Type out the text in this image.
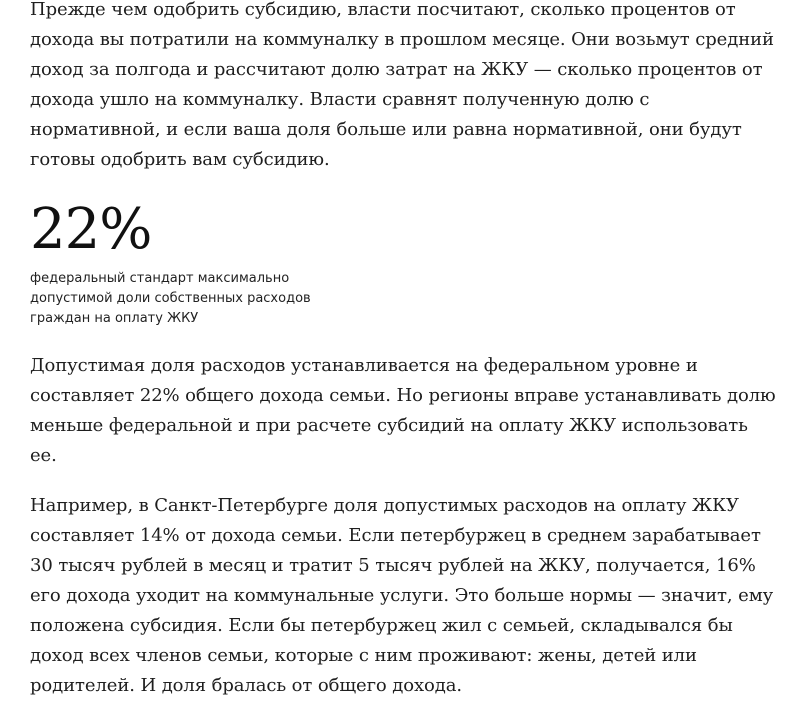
Прежде чем одобрить субсидию, власти посчитают, сколько процентов от дохода вы потратили на коммуналку в прошлом месяце. Они возьмут средний доход за полгода и рассчитают долю затрат на ЖКУ — сколько процентов от дохода ушло на коммуналку. Власти сравнят полученную долю с нормативной, и если ваша доля больше или равна нормативной, они будут готовы одобрить вам субсидию.

22%

федеральный стандарт максимально допустимой доли собственных расходов граждан на оплату ЖКУ

Допустимая доля расходов устанавливается на федеральном уровне и составляет 22% общего дохода семьи. Но регионы вправе устанавливать долю меньше федеральной и при расчете субсидий на оплату ЖКУ использовать ее.

Например, в Санкт-Петербурге доля допустимых расходов на оплату ЖКУ составляет 14% от дохода семьи. Если петербуржец в среднем зарабатывает 30 тысяч рублей в месяц и тратит 5 тысяч рублей на ЖКУ, получается, 16% его дохода уходит на коммунальные услуги. Это больше нормы — значит, ему положена субсидия. Если бы петербуржец жил с семьей, складывался бы доход всех членов семьи, которые с ним проживают: жены, детей или родителей. И доля бралась от общего дохода.
